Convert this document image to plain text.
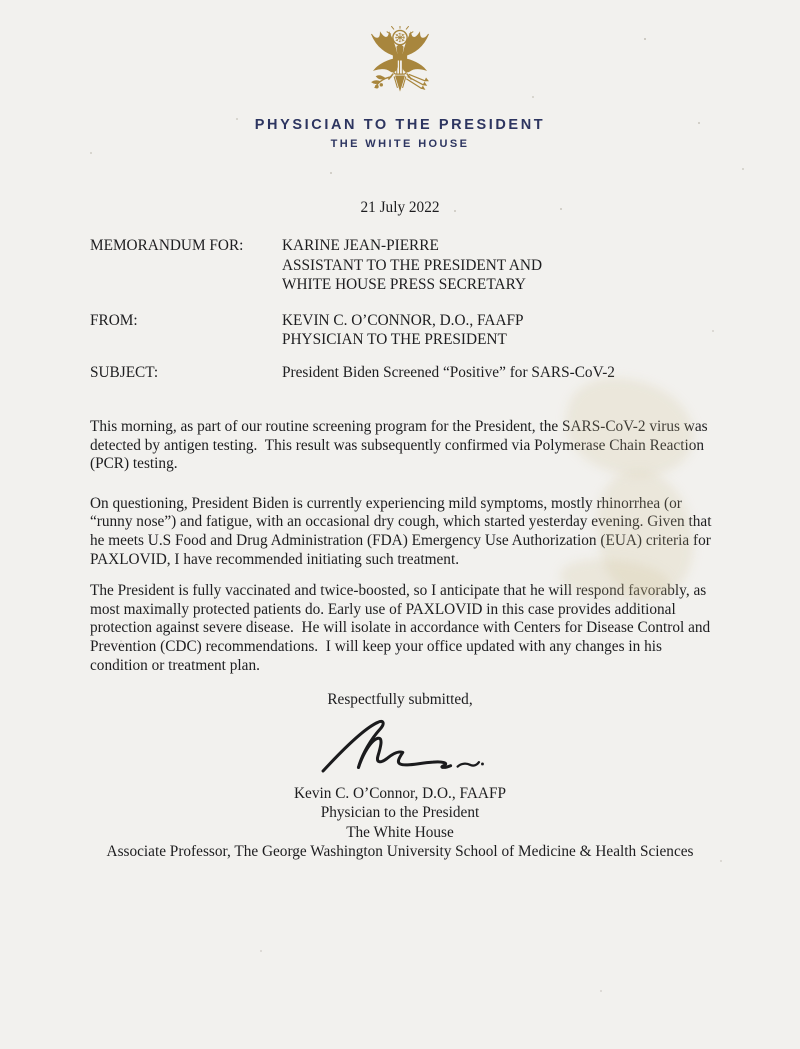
PHYSICIAN TO THE PRESIDENT
THE WHITE HOUSE
21 July 2022
MEMORANDUM FOR:	KARINE JEAN-PIERRE
ASSISTANT TO THE PRESIDENT AND
WHITE HOUSE PRESS SECRETARY
FROM:	KEVIN C. O’CONNOR, D.O., FAAFP
PHYSICIAN TO THE PRESIDENT
SUBJECT:	President Biden Screened “Positive” for SARS-CoV-2

This morning, as part of our routine screening program for the President, the SARS-CoV-2 virus was detected by antigen testing.  This result was subsequently confirmed via Polymerase Chain Reaction (PCR) testing.

On questioning, President Biden is currently experiencing mild symptoms, mostly rhinorrhea (or “runny nose”) and fatigue, with an occasional dry cough, which started yesterday evening. Given that he meets U.S Food and Drug Administration (FDA) Emergency Use Authorization (EUA) criteria for PAXLOVID, I have recommended initiating such treatment.

The President is fully vaccinated and twice-boosted, so I anticipate that he will respond favorably, as most maximally protected patients do. Early use of PAXLOVID in this case provides additional protection against severe disease.  He will isolate in accordance with Centers for Disease Control and Prevention (CDC) recommendations.  I will keep your office updated with any changes in his condition or treatment plan.

Respectfully submitted,
Kevin C. O’Connor, D.O., FAAFP
Physician to the President
The White House
Associate Professor, The George Washington University School of Medicine & Health Sciences
